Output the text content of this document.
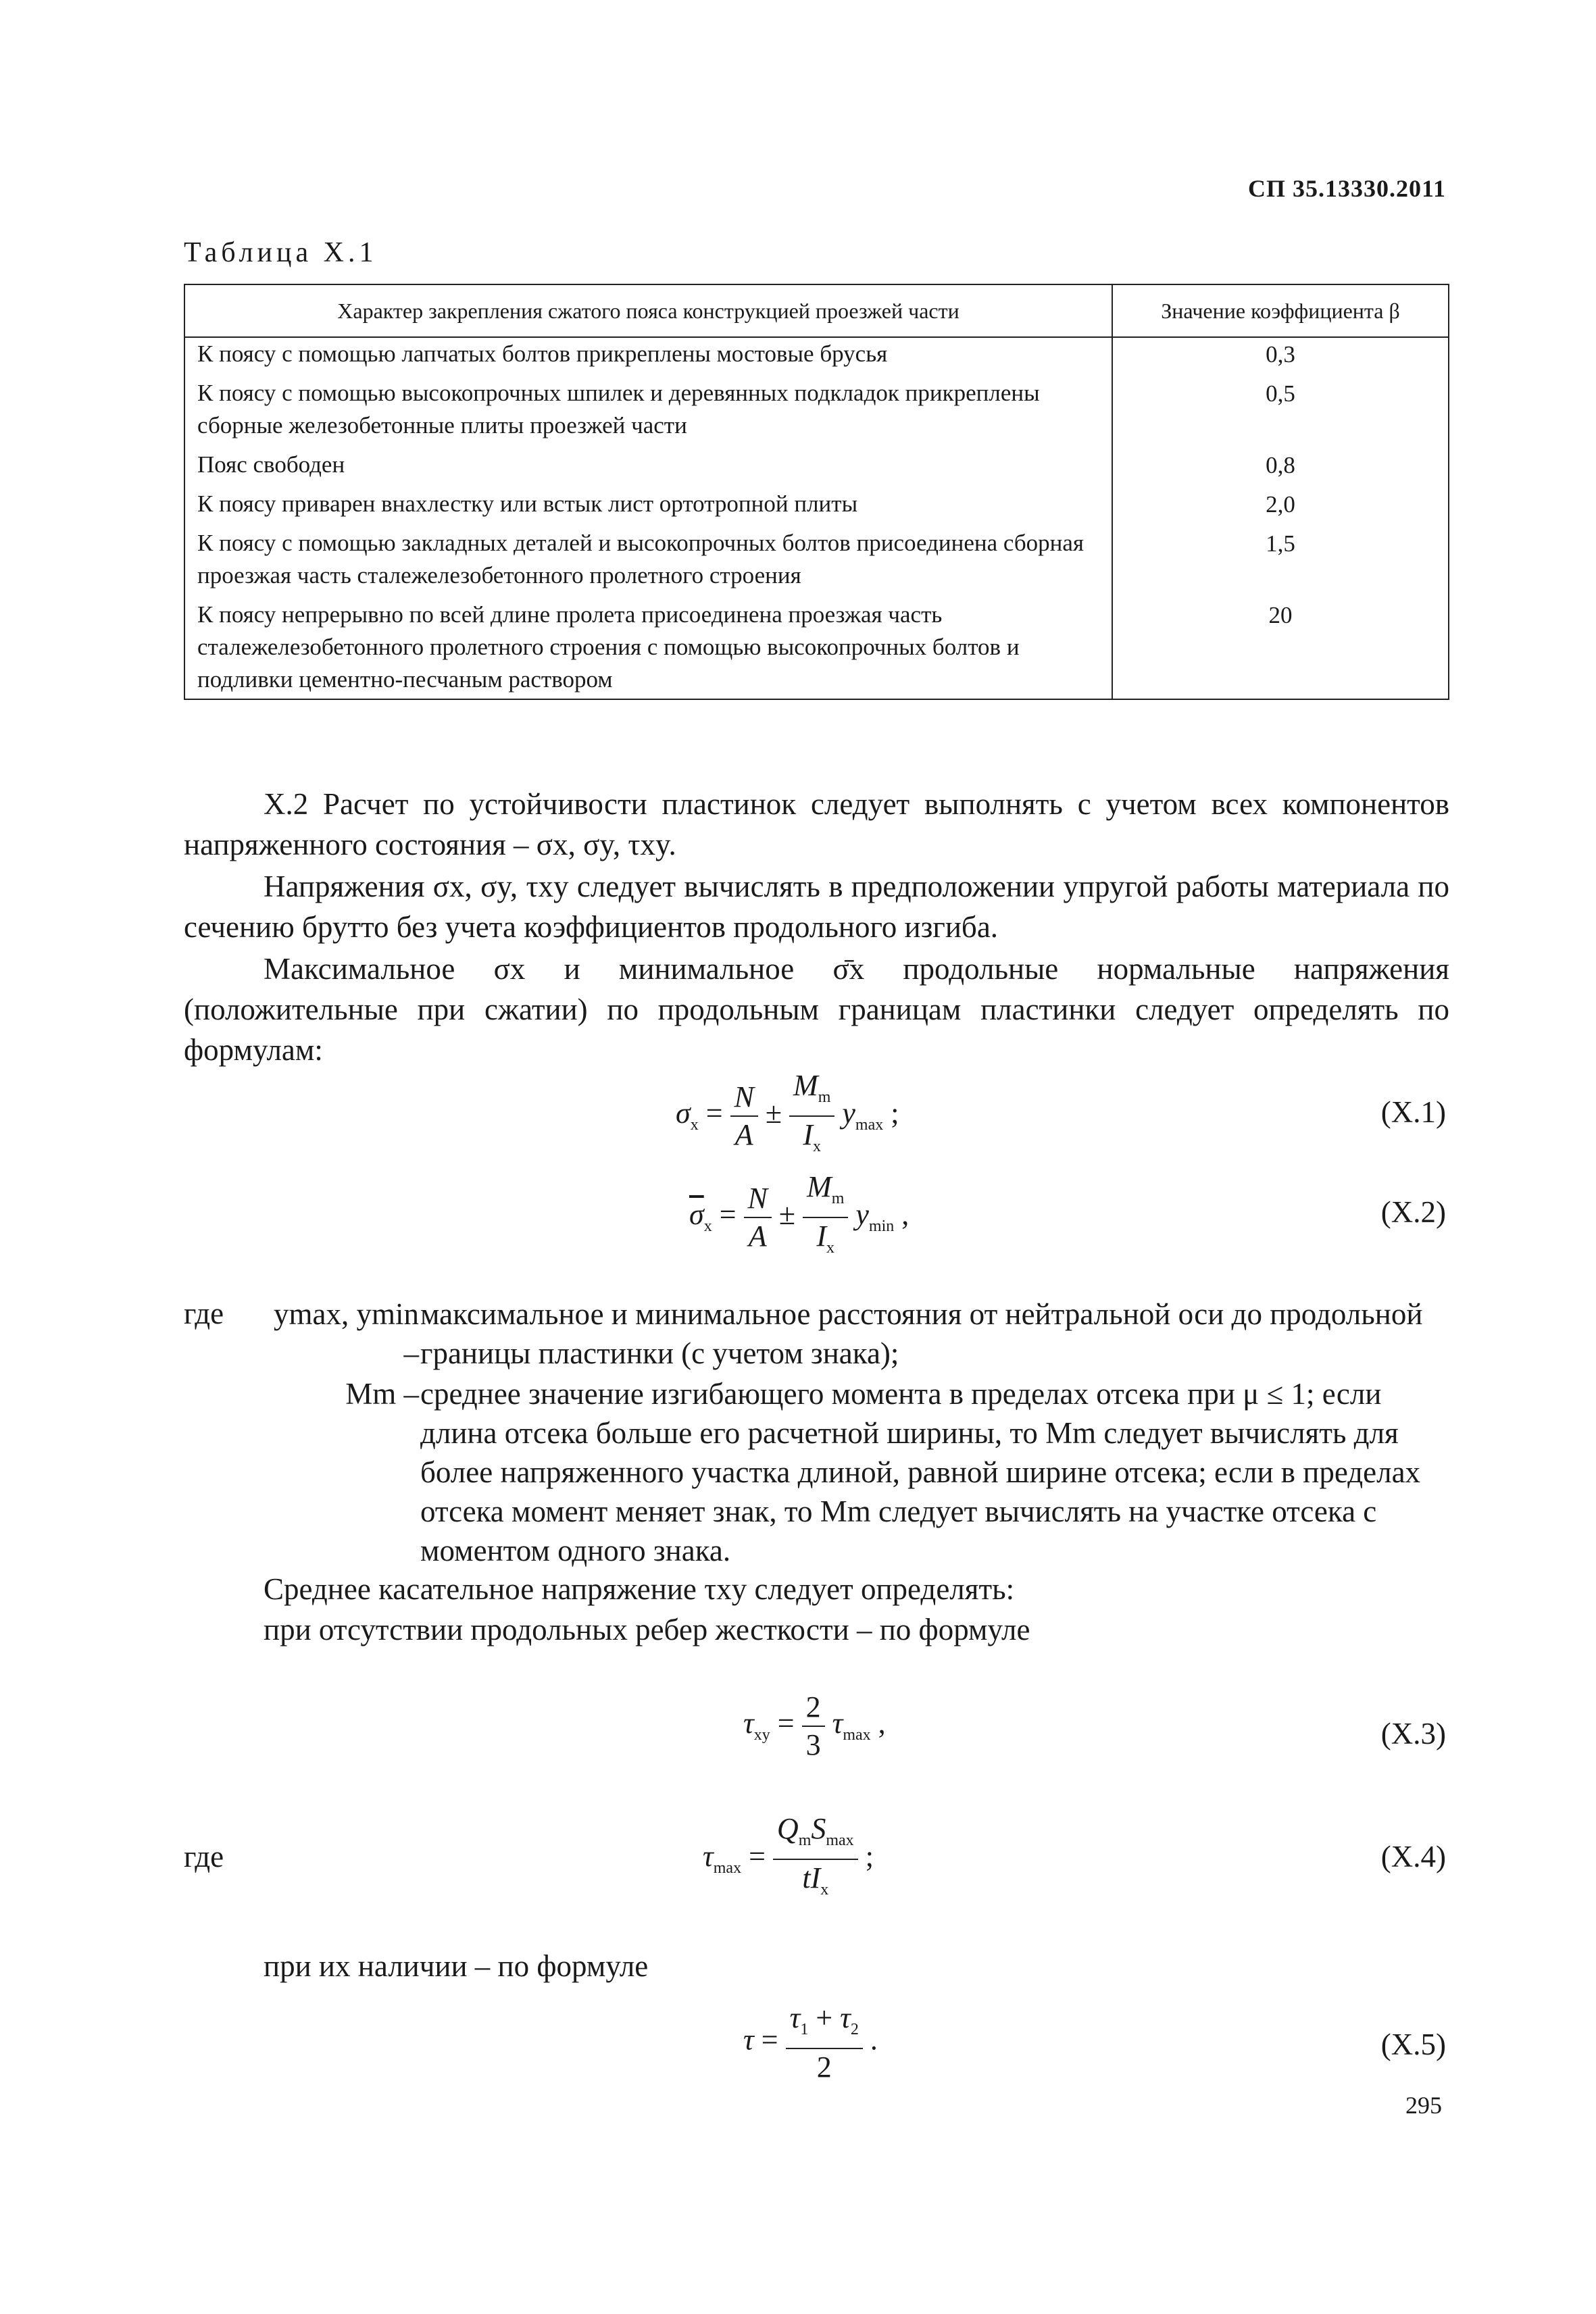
СП 35.13330.2011
Таблица Х.1
Характер закрепления сжатого пояса конструкцией проезжей части	Значение коэффициента β
К поясу с помощью лапчатых болтов прикреплены мостовые брусья	0,3
К поясу с помощью высокопрочных шпилек и деревянных подкладок прикреплены сборные железобетонные плиты проезжей части	0,5
Пояс свободен	0,8
К поясу приварен внахлестку или встык лист ортотропной плиты	2,0
К поясу с помощью закладных деталей и высокопрочных болтов присоединена сборная проезжая часть сталежелезобетонного пролетного строения	1,5
К поясу непрерывно по всей длине пролета присоединена проезжая часть сталежелезобетонного пролетного строения с помощью высокопрочных болтов и подливки цементно-песчаным раствором	20
Х.2 Расчет по устойчивости пластинок следует выполнять с учетом всех компонентов напряженного состояния – σx, σy, τxy.
Напряжения σx, σy, τxy следует вычислять в предположении упругой работы материала по сечению брутто без учета коэффициентов продольного изгиба.
Максимальное σx и минимальное σ̄x продольные нормальные напряжения (положительные при сжатии) по продольным границам пластинки следует определять по формулам:
$\sigma_x = \frac{N}{A} \pm \frac{M_m}{I_x} y_{max}$ ;	(Х.1)
$\overline{\sigma}_x = \frac{N}{A} \pm \frac{M_m}{I_x} y_{min}$ ,	(Х.2)
где	ymax, ymin –
максимальное и минимальное расстояния от нейтральной оси до продольной границы пластинки (с учетом знака);
Mm – среднее значение изгибающего момента в пределах отсека при μ ≤ 1; если длина отсека больше его расчетной ширины, то Mm следует вычислять для более напряженного участка длиной, равной ширине отсека; если в пределах отсека момент меняет знак, то Mm следует вычислять на участке отсека с моментом одного знака.
Среднее касательное напряжение τxy следует определять:
при отсутствии продольных ребер жесткости – по формуле
$\tau_{xy} = \frac{2}{3} \tau_{max}$ ,	(Х.3)
где	$\tau_{max} = \frac{Q_mS_{max}}{tI_x}$ ;	(Х.4)
при их наличии – по формуле
$\tau = \frac{\tau_1 + \tau_2}{2}$ .	(Х.5)
295
